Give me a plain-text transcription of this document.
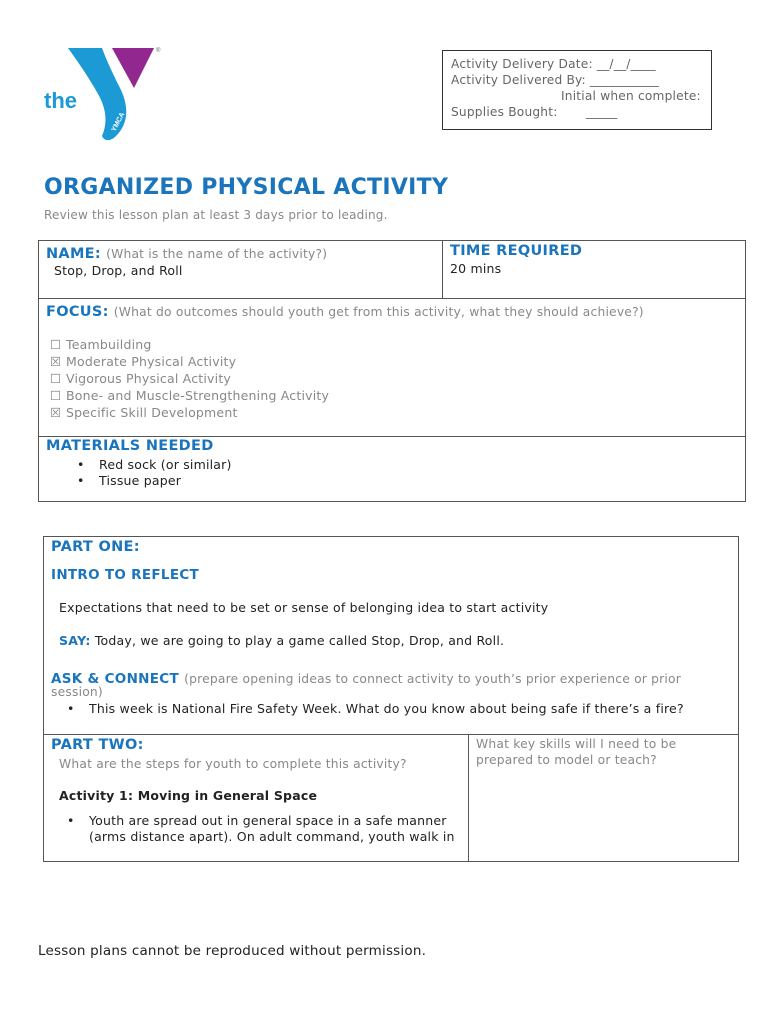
the
YMCA
®
Activity Delivery Date: __/__/____
Activity Delivered By: ___________
Initial when complete:
Supplies Bought: _____
ORGANIZED PHYSICAL ACTIVITY
Review this lesson plan at least 3 days prior to leading.
NAME: (What is the name of the activity?)
Stop, Drop, and Roll
TIME REQUIRED
20 mins
FOCUS: (What do outcomes should youth get from this activity, what they should achieve?)
☐ Teambuilding
☒ Moderate Physical Activity
☐ Vigorous Physical Activity
☐ Bone- and Muscle-Strengthening Activity
☒ Specific Skill Development
MATERIALS NEEDED
• Red sock (or similar)
• Tissue paper
PART ONE:
INTRO TO REFLECT
Expectations that need to be set or sense of belonging idea to start activity
SAY: Today, we are going to play a game called Stop, Drop, and Roll.
ASK & CONNECT (prepare opening ideas to connect activity to youth’s prior experience or prior
session)
• This week is National Fire Safety Week. What do you know about being safe if there’s a fire?
PART TWO:
What are the steps for youth to complete this activity?
Activity 1: Moving in General Space
• Youth are spread out in general space in a safe manner
(arms distance apart). On adult command, youth walk in
What key skills will I need to be prepared to model or teach?
Lesson plans cannot be reproduced without permission.
